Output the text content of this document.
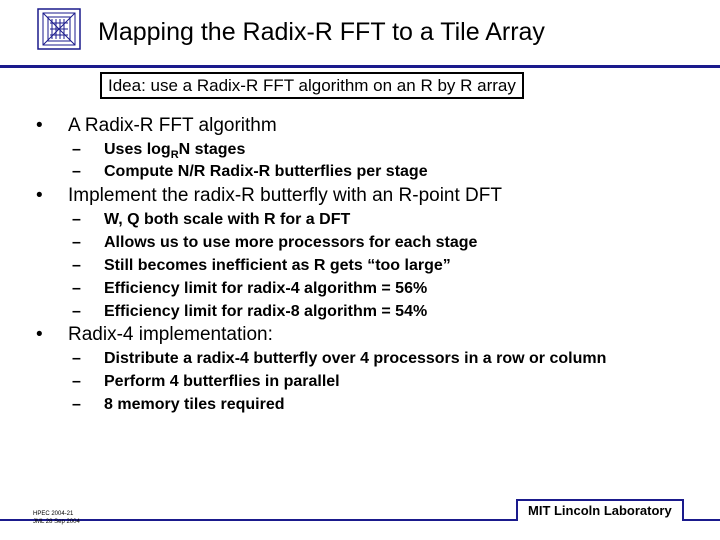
Mapping the Radix-R FFT to a Tile Array
Idea: use a Radix-R FFT algorithm on an R by R array
• A Radix-R FFT algorithm
– Uses $\log_RN$ stages
– Compute N/R Radix-R butterflies per stage
• Implement the radix-R butterfly with an R-point DFT
– W, Q both scale with R for a DFT
– Allows us to use more processors for each stage
– Still becomes inefficient as R gets “too large”
– Efficiency limit for radix-4 algorithm = 56%
– Efficiency limit for radix-8 algorithm = 54%
• Radix-4 implementation:
– Distribute a radix-4 butterfly over 4 processors in a row or column
– Perform 4 butterflies in parallel
– 8 memory tiles required
HPEC 2004-21
JML 28 Sep 2004
MIT Lincoln Laboratory
